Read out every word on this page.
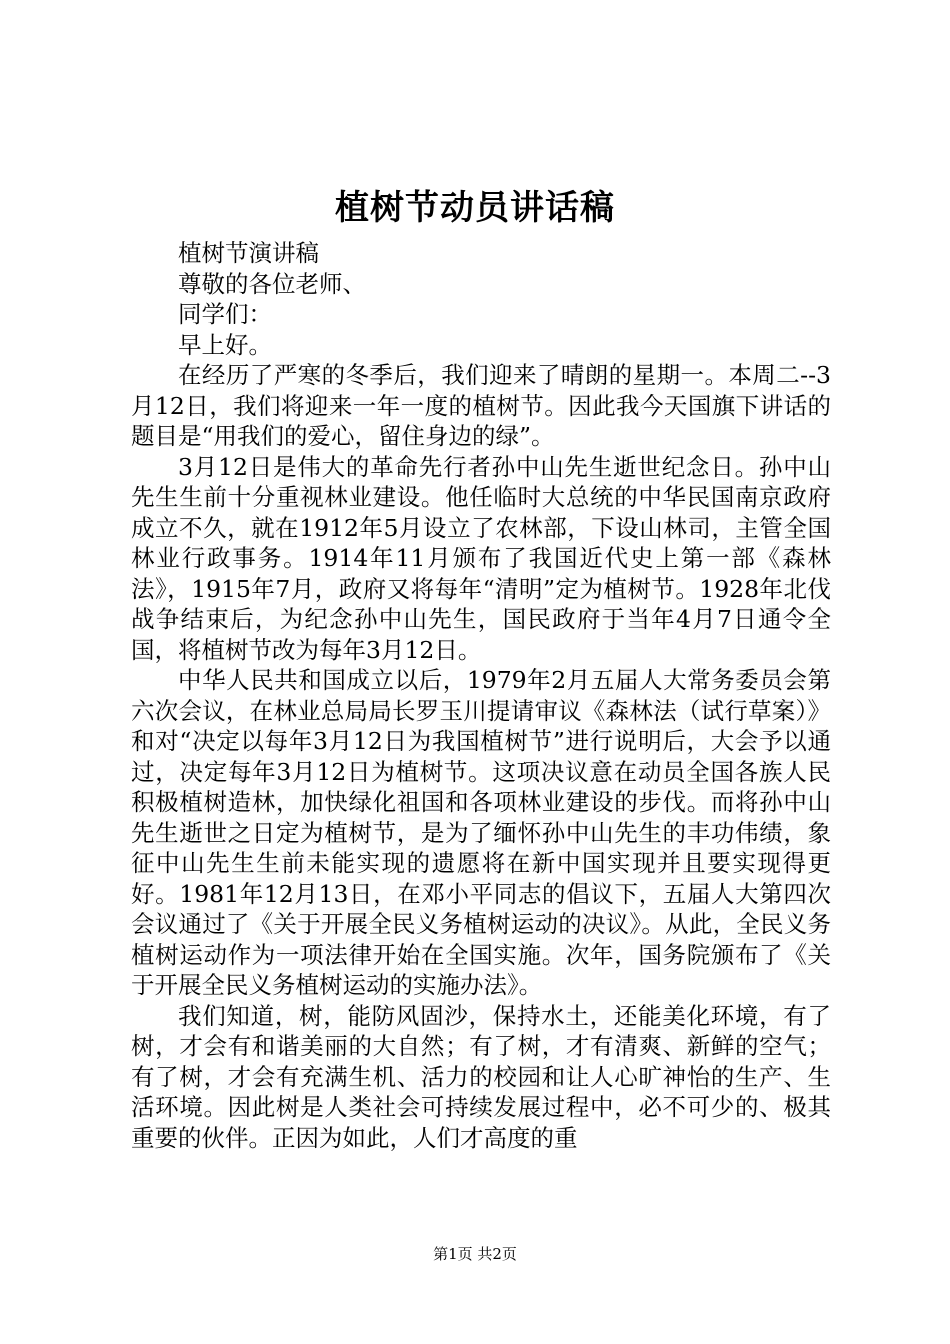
植树节动员讲话稿

植树节演讲稿

尊敬的各位老师、

同学们：

早上好。

在经历了严寒的冬季后，我们迎来了晴朗的星期一。本周二--3月12日，我们将迎来一年一度的植树节。因此我今天国旗下讲话的题目是“用我们的爱心，留住身边的绿”。

3月12日是伟大的革命先行者孙中山先生逝世纪念日。孙中山先生生前十分重视林业建设。他任临时大总统的中华民国南京政府成立不久，就在1912年5月设立了农林部，下设山林司，主管全国林业行政事务。1914年11月颁布了我国近代史上第一部《森林法》，1915年7月，政府又将每年“清明”定为植树节。1928年北伐战争结束后，为纪念孙中山先生，国民政府于当年4月7日通令全国，将植树节改为每年3月12日。

中华人民共和国成立以后，1979年2月五届人大常务委员会第六次会议，在林业总局局长罗玉川提请审议《森林法（试行草案）》和对“决定以每年3月12日为我国植树节”进行说明后，大会予以通过，决定每年3月12日为植树节。这项决议意在动员全国各族人民积极植树造林，加快绿化祖国和各项林业建设的步伐。而将孙中山先生逝世之日定为植树节，是为了缅怀孙中山先生的丰功伟绩，象征中山先生生前未能实现的遗愿将在新中国实现并且要实现得更好。1981年12月13日，在邓小平同志的倡议下，五届人大第四次会议通过了《关于开展全民义务植树运动的决议》。从此，全民义务植树运动作为一项法律开始在全国实施。次年，国务院颁布了《关于开展全民义务植树运动的实施办法》。

我们知道，树，能防风固沙，保持水土，还能美化环境，有了树，才会有和谐美丽的大自然；有了树，才有清爽、新鲜的空气；有了树，才会有充满生机、活力的校园和让人心旷神怡的生产、生活环境。因此树是人类社会可持续发展过程中，必不可少的、极其重要的伙伴。正因为如此，人们才高度的重

第1页 共2页
